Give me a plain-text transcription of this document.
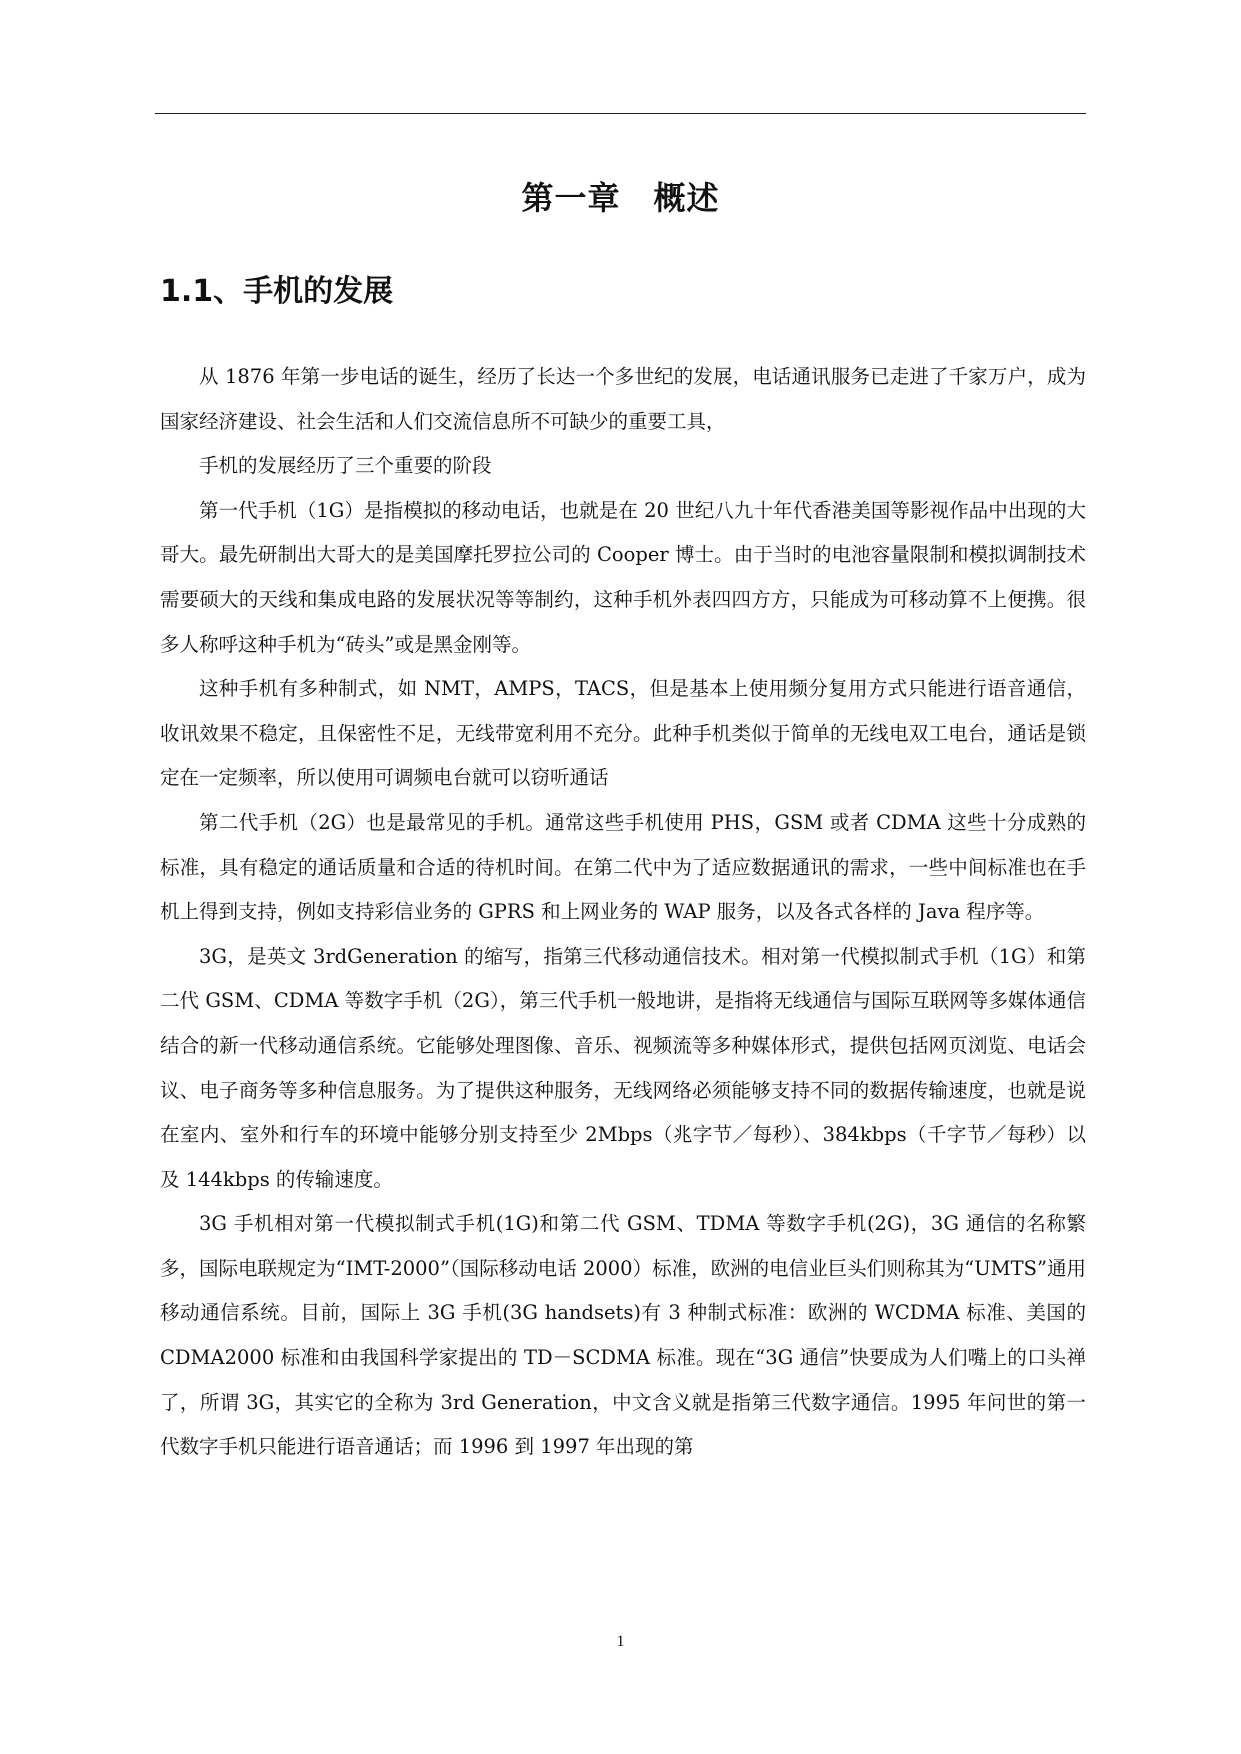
第一章　概述
1.1、手机的发展

从 1876 年第一步电话的诞生，经历了长达一个多世纪的发展，电话通讯服务已走进了千家万户，成为国家经济建设、社会生活和人们交流信息所不可缺少的重要工具，

手机的发展经历了三个重要的阶段

第一代手机（1G）是指模拟的移动电话，也就是在 20 世纪八九十年代香港美国等影视作品中出现的大哥大。最先研制出大哥大的是美国摩托罗拉公司的 Cooper 博士。由于当时的电池容量限制和模拟调制技术需要硕大的天线和集成电路的发展状况等等制约，这种手机外表四四方方，只能成为可移动算不上便携。很多人称呼这种手机为“砖头”或是黑金刚等。

这种手机有多种制式，如 NMT，AMPS，TACS，但是基本上使用频分复用方式只能进行语音通信，收讯效果不稳定，且保密性不足，无线带宽利用不充分。此种手机类似于简单的无线电双工电台，通话是锁定在一定频率，所以使用可调频电台就可以窃听通话

第二代手机（2G）也是最常见的手机。通常这些手机使用 PHS，GSM 或者 CDMA 这些十分成熟的标准，具有稳定的通话质量和合适的待机时间。在第二代中为了适应数据通讯的需求，一些中间标准也在手机上得到支持，例如支持彩信业务的 GPRS 和上网业务的 WAP 服务，以及各式各样的 Java 程序等。

3G，是英文 3rdGeneration 的缩写，指第三代移动通信技术。相对第一代模拟制式手机（1G）和第二代 GSM、CDMA 等数字手机（2G），第三代手机一般地讲，是指将无线通信与国际互联网等多媒体通信结合的新一代移动通信系统。它能够处理图像、音乐、视频流等多种媒体形式，提供包括网页浏览、电话会议、电子商务等多种信息服务。为了提供这种服务，无线网络必须能够支持不同的数据传输速度，也就是说在室内、室外和行车的环境中能够分别支持至少 2Mbps（兆字节／每秒）、384kbps（千字节／每秒）以及 144kbps 的传输速度。

3G 手机相对第一代模拟制式手机(1G)和第二代 GSM、TDMA 等数字手机(2G)，3G 通信的名称繁多，国际电联规定为“IMT-2000”（国际移动电话 2000）标准，欧洲的电信业巨头们则称其为“UMTS”通用移动通信系统。目前，国际上 3G 手机(3G handsets)有 3 种制式标准：欧洲的 WCDMA 标准、美国的 CDMA2000 标准和由我国科学家提出的 TD－SCDMA 标准。现在“3G 通信”快要成为人们嘴上的口头禅了，所谓 3G，其实它的全称为 3rd Generation，中文含义就是指第三代数字通信。1995 年问世的第一代数字手机只能进行语音通话；而 1996 到 1997 年出现的第

1
